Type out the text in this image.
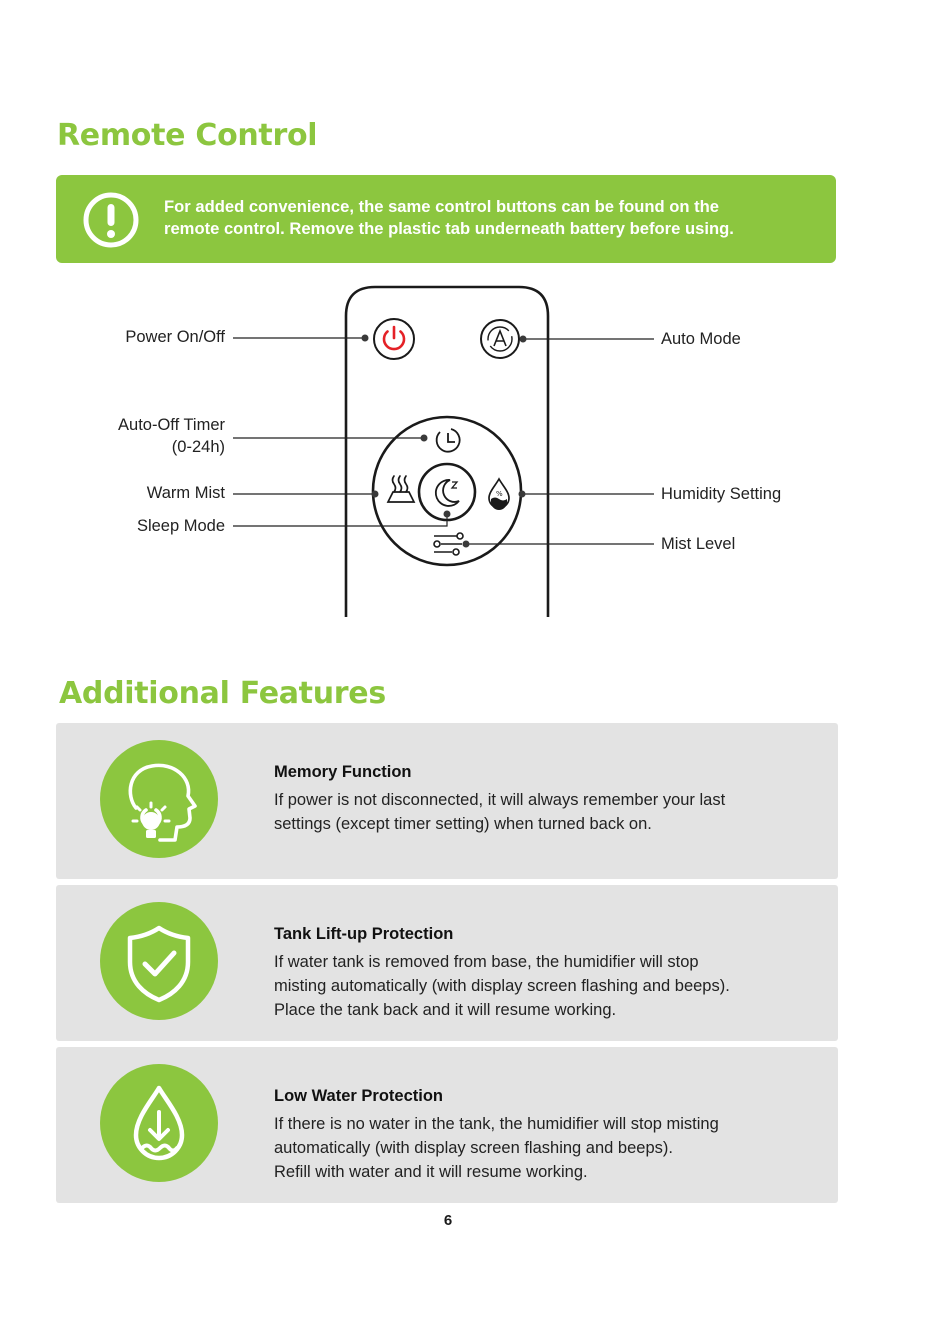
Remote Control
For added convenience, the same control buttons can be found on the
remote control. Remove the plastic tab underneath battery before using.
%
Power On/Off
Auto-Off Timer
(0-24h)
Warm Mist
Sleep Mode
Auto Mode
Humidity Setting
Mist Level
Additional Features
Memory Function
If power is not disconnected, it will always remember your last
settings (except timer setting) when turned back on.
Tank Lift-up Protection
If water tank is removed from base, the humidifier will stop
misting automatically (with display screen flashing and beeps).
Place the tank back and it will resume working.
Low Water Protection
If there is no water in the tank, the humidifier will stop misting
automatically (with display screen flashing and beeps).
Refill with water and it will resume working.
6
